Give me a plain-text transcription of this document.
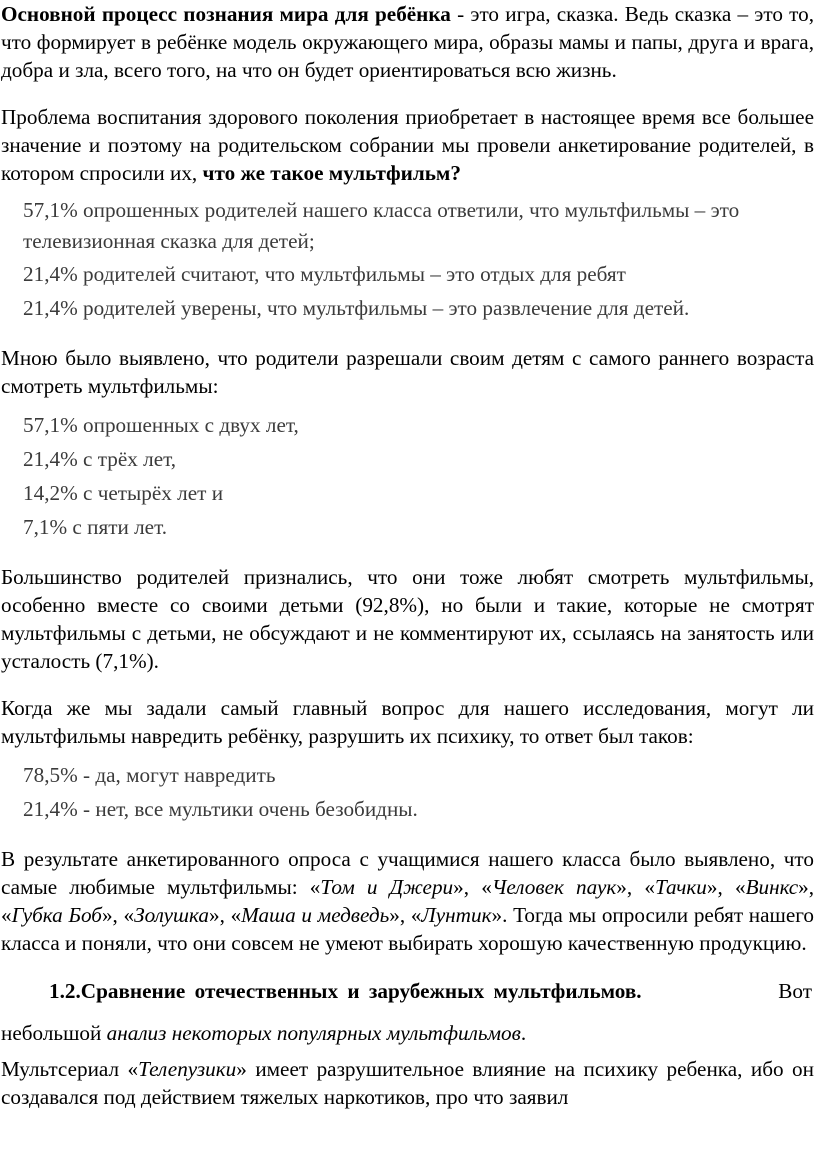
Основной процесс познания мира для ребёнка - это игра, сказка. Ведь сказка – это то, что формирует в ребёнке модель окружающего мира, образы мамы и папы, друга и врага, добра и зла, всего того, на что он будет ориентироваться всю жизнь.

Проблема воспитания здорового поколения приобретает в настоящее время все большее значение и поэтому на родительском собрании мы провели анкетирование родителей, в котором спросили их, что же такое мультфильм?

57,1% опрошенных родителей нашего класса ответили, что мультфильмы – это телевизионная сказка для детей;

21,4% родителей считают, что мультфильмы – это отдых для ребят

21,4% родителей уверены, что мультфильмы – это развлечение для детей.

Мною было выявлено, что родители разрешали своим детям с самого раннего возраста смотреть мультфильмы:

57,1% опрошенных с двух лет,

21,4% с трёх лет,

14,2% с четырёх лет и

7,1% с пяти лет.

Большинство родителей признались, что они тоже любят смотреть мультфильмы, особенно вместе со своими детьми (92,8%), но были и такие, которые не смотрят мультфильмы с детьми, не обсуждают и не комментируют их, ссылаясь на занятость или усталость (7,1%).

Когда же мы задали самый главный вопрос для нашего исследования, могут ли мультфильмы навредить ребёнку, разрушить их психику, то ответ был таков:

78,5% - да, могут навредить

21,4% - нет, все мультики очень безобидны.

В результате анкетированного опроса с учащимися нашего класса было выявлено, что самые любимые мультфильмы: «Том и Джери», «Человек паук», «Тачки», «Винкс», «Губка Боб», «Золушка», «Маша и медведь», «Лунтик». Тогда мы опросили ребят нашего класса и поняли, что они совсем не умеют выбирать хорошую качественную продукцию.

1.2.Сравнение отечественных и зарубежных мультфильмов.	Вот

небольшой анализ некоторых популярных мультфильмов.

Мультсериал «Телепузики» имеет разрушительное влияние на психику ребенка, ибо он создавался под действием тяжелых наркотиков, про что заявил
